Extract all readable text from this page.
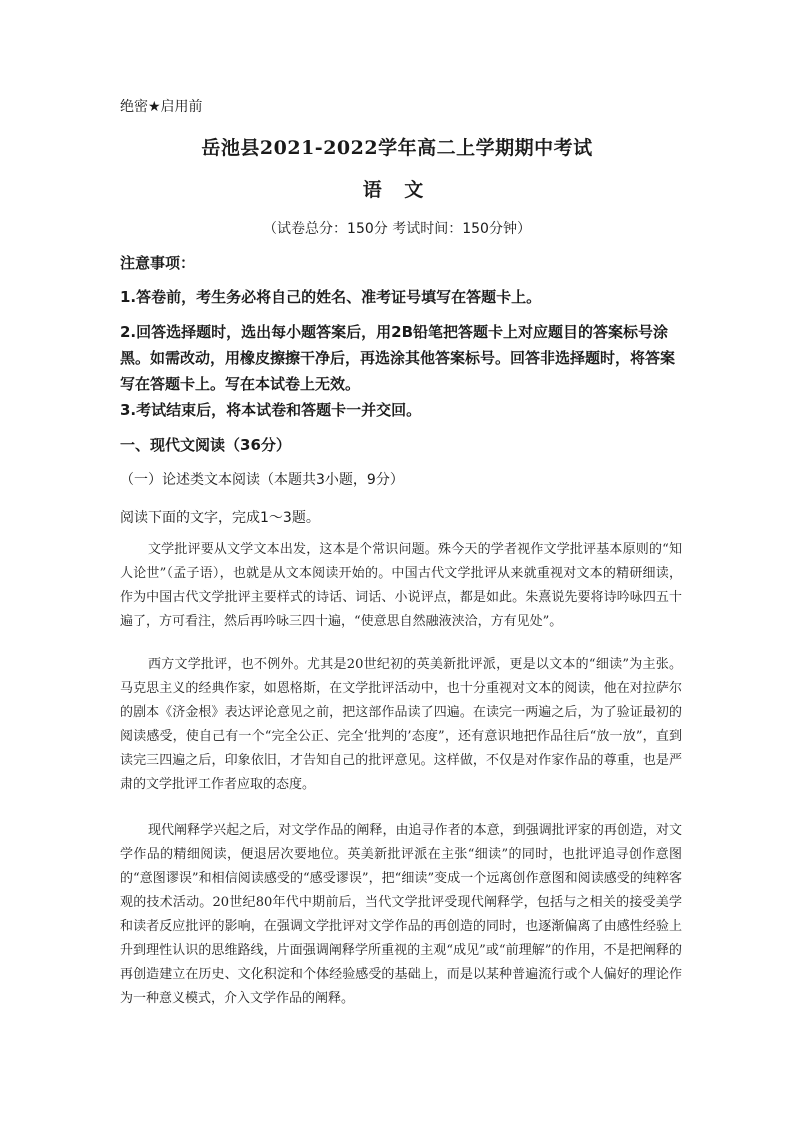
绝密★启用前
岳池县2021-2022学年高二上学期期中考试
语 文
（试卷总分：150分 考试时间：150分钟）
注意事项：
1.答卷前，考生务必将自己的姓名、准考证号填写在答题卡上。
2.回答选择题时，选出每小题答案后，用2B铅笔把答题卡上对应题目的答案标号涂黑。如需改动，用橡皮擦擦干净后，再选涂其他答案标号。回答非选择题时，将答案写在答题卡上。写在本试卷上无效。
3.考试结束后，将本试卷和答题卡一并交回。
一、现代文阅读（36分）
（一）论述类文本阅读（本题共3小题，9分）
阅读下面的文字，完成1～3题。
文学批评要从文学文本出发，这本是个常识问题。殊今天的学者视作文学批评基本原则的“知人论世”（孟子语），也就是从文本阅读开始的。中国古代文学批评从来就重视对文本的精研细读，作为中国古代文学批评主要样式的诗话、词话、小说评点，都是如此。朱熹说先要将诗吟咏四五十遍了，方可看注，然后再吟咏三四十遍，“使意思自然融液浃洽，方有见处”。
西方文学批评，也不例外。尤其是20世纪初的英美新批评派，更是以文本的“细读”为主张。马克思主义的经典作家，如恩格斯，在文学批评活动中，也十分重视对文本的阅读，他在对拉萨尔的剧本《济金根》表达评论意见之前，把这部作品读了四遍。在读完一两遍之后，为了验证最初的阅读感受，使自己有一个“完全公正、完全‘批判的’态度”，还有意识地把作品往后“放一放”，直到读完三四遍之后，印象依旧，才告知自己的批评意见。这样做，不仅是对作家作品的尊重，也是严肃的文学批评工作者应取的态度。
现代阐释学兴起之后，对文学作品的阐释，由追寻作者的本意，到强调批评家的再创造，对文学作品的精细阅读，便退居次要地位。英美新批评派在主张“细读”的同时，也批评追寻创作意图的“意图谬误”和相信阅读感受的“感受谬误”，把“细读”变成一个远离创作意图和阅读感受的纯粹客观的技术活动。20世纪80年代中期前后，当代文学批评受现代阐释学，包括与之相关的接受美学和读者反应批评的影响，在强调文学批评对文学作品的再创造的同时，也逐渐偏离了由感性经验上升到理性认识的思维路线，片面强调阐释学所重视的主观“成见”或“前理解”的作用，不是把阐释的再创造建立在历史、文化积淀和个体经验感受的基础上，而是以某种普遍流行或个人偏好的理论作为一种意义模式，介入文学作品的阐释。
